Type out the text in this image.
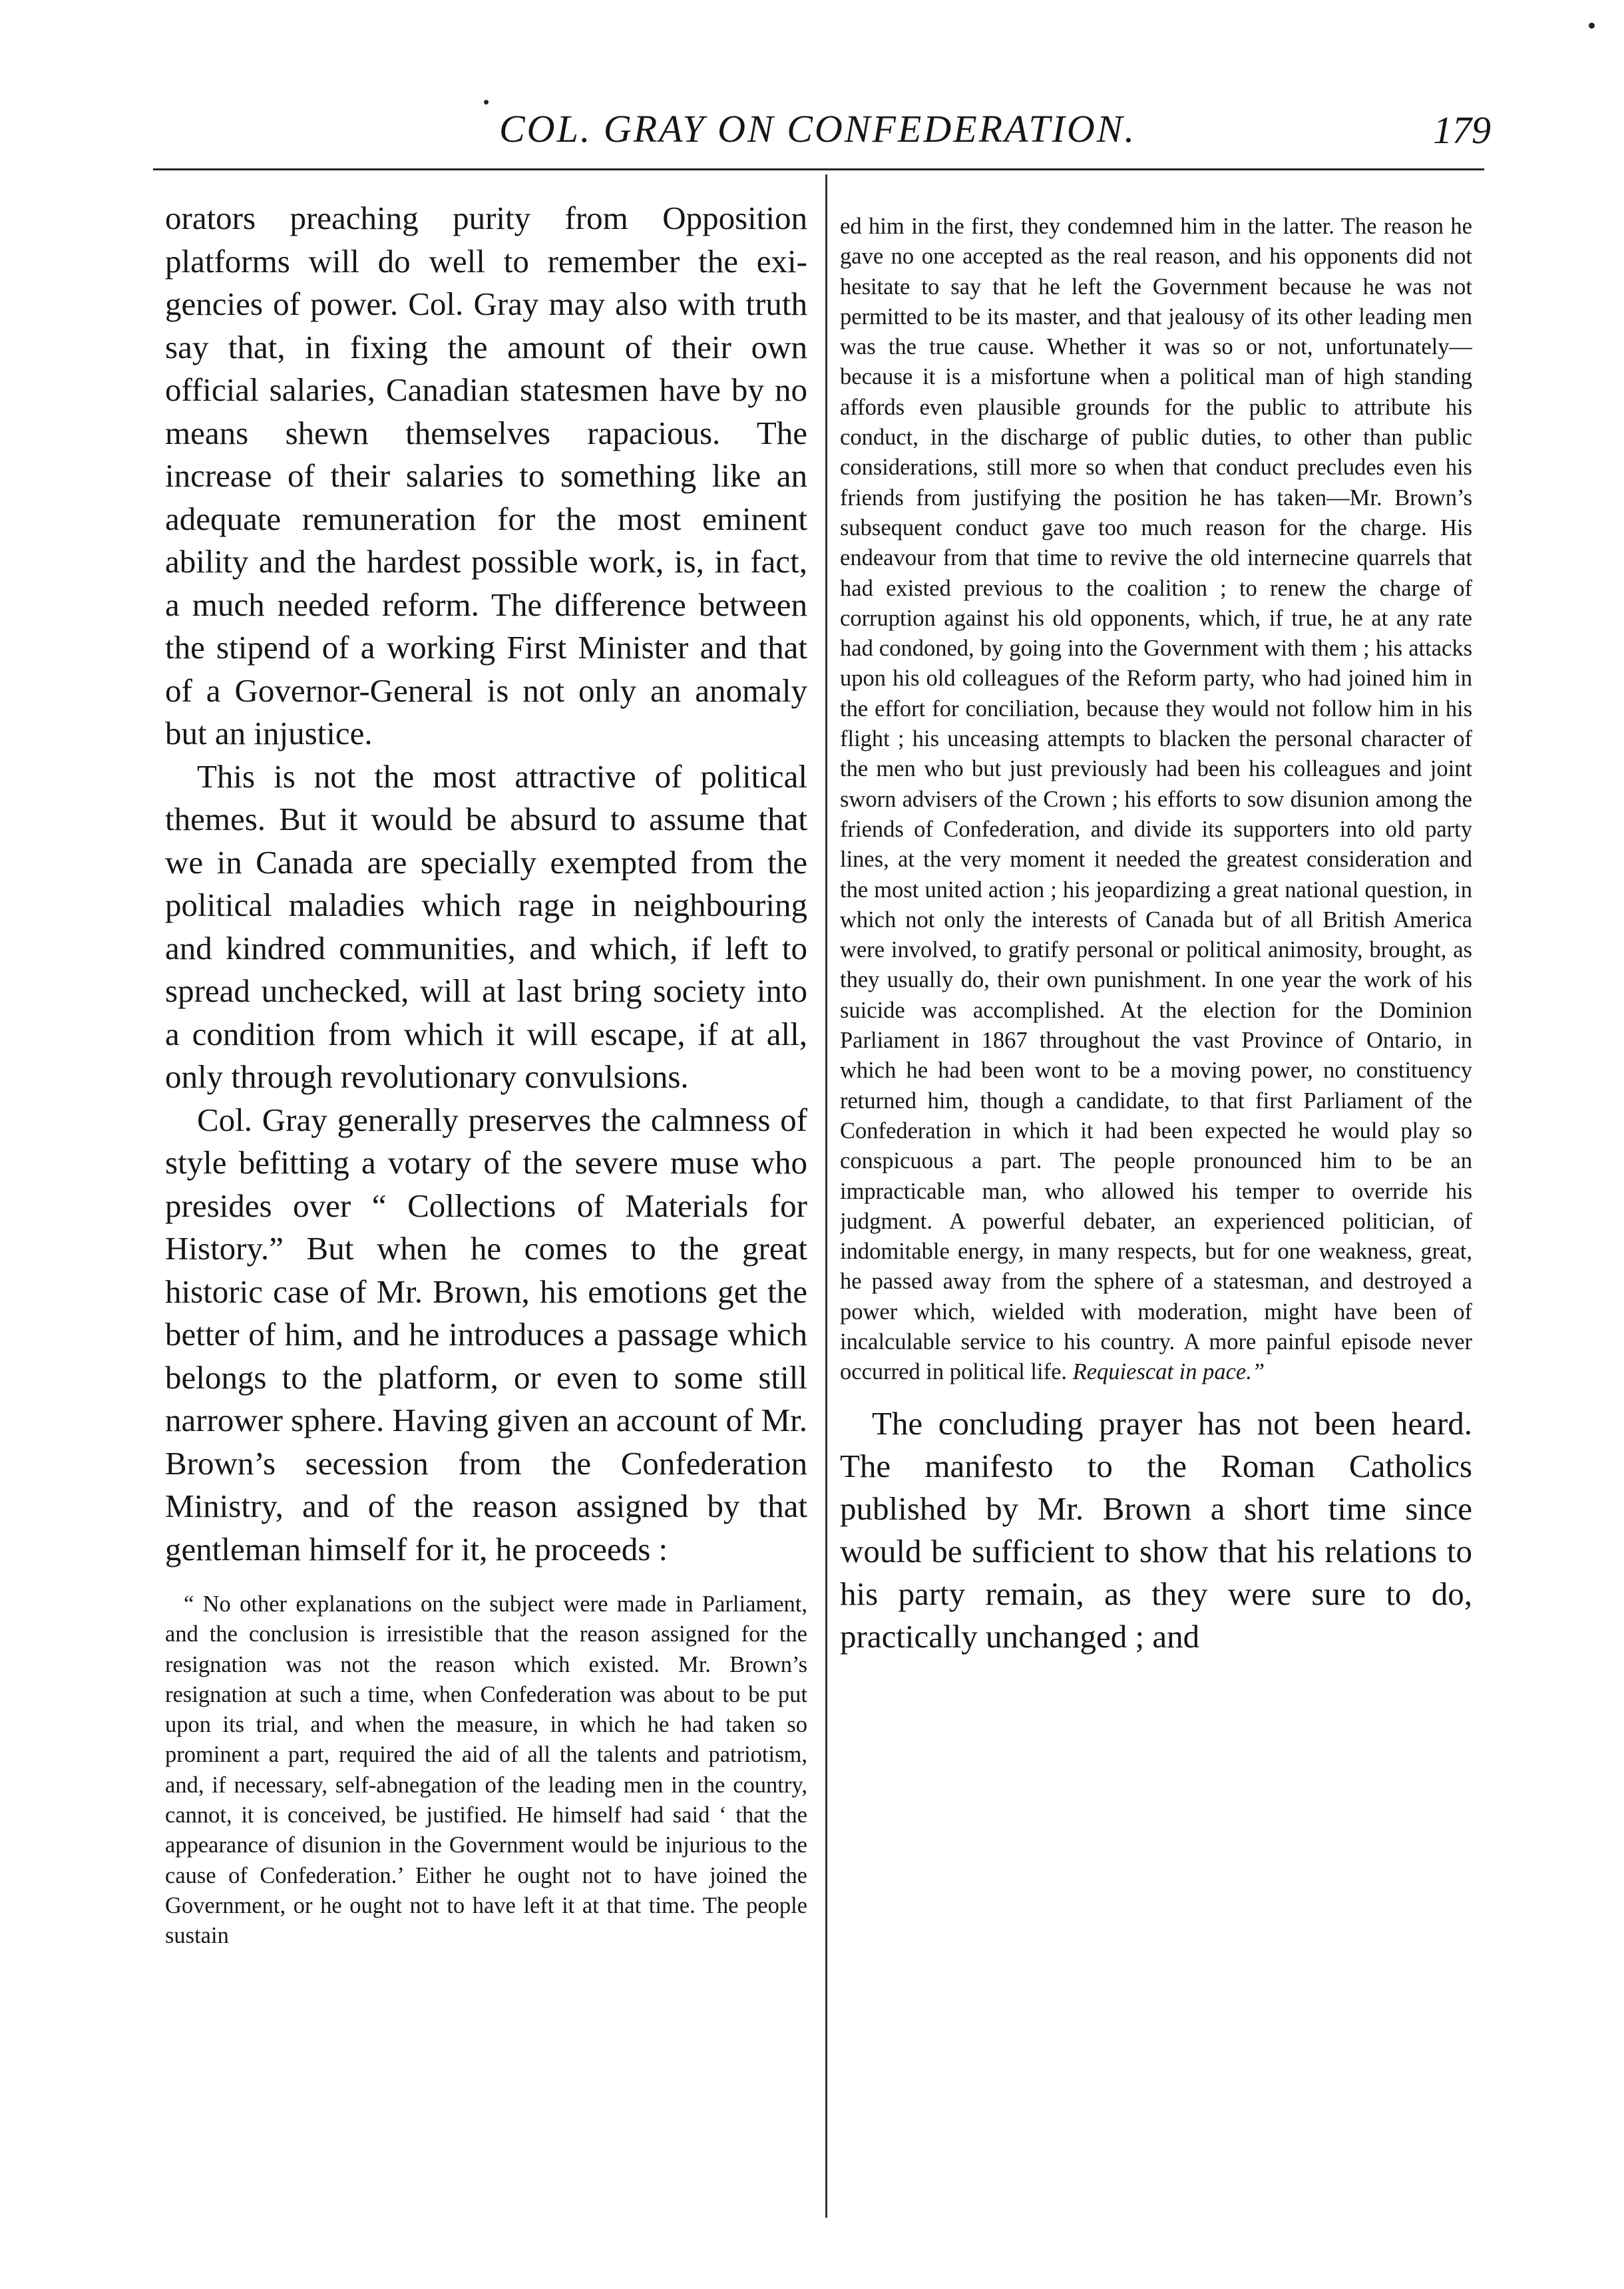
COL. GRAY ON CONFEDERATION.	179

orators preaching purity from Opposition platforms will do well to remember the exigencies of power. Col. Gray may also with truth say that, in fixing the amount of their own official salaries, Canadian statesmen have by no means shewn themselves rapacious. The increase of their salaries to something like an adequate remuneration for the most eminent ability and the hardest possible work, is, in fact, a much needed reform. The difference between the stipend of a working First Minister and that of a Governor-General is not only an anomaly but an injustice.

This is not the most attractive of political themes. But it would be absurd to assume that we in Canada are specially exempted from the political maladies which rage in neighbouring and kindred communities, and which, if left to spread unchecked, will at last bring society into a condition from which it will escape, if at all, only through revolutionary convulsions.

Col. Gray generally preserves the calmness of style befitting a votary of the severe muse who presides over “ Collections of Materials for History.” But when he comes to the great historic case of Mr. Brown, his emotions get the better of him, and he introduces a passage which belongs to the platform, or even to some still narrower sphere. Having given an account of Mr. Brown’s secession from the Confederation Ministry, and of the reason assigned by that gentleman himself for it, he proceeds :

“ No other explanations on the subject were made in Parliament, and the conclusion is irresistible that the reason assigned for the resignation was not the reason which existed. Mr. Brown’s resignation at such a time, when Confederation was about to be put upon its trial, and when the measure, in which he had taken so prominent a part, required the aid of all the talents and patriotism, and, if necessary, self-abnegation of the leading men in the country, cannot, it is conceived, be justified. He himself had said ‘ that the appearance of disunion in the Government would be injurious to the cause of Confederation.’ Either he ought not to have joined the Government, or he ought not to have left it at that time. The people sustain

ed him in the first, they condemned him in the latter. The reason he gave no one accepted as the real reason, and his opponents did not hesitate to say that he left the Government because he was not permitted to be its master, and that jealousy of its other leading men was the true cause. Whether it was so or not, unfortunately—because it is a misfortune when a political man of high standing affords even plausible grounds for the public to attribute his conduct, in the discharge of public duties, to other than public considerations, still more so when that conduct precludes even his friends from justifying the position he has taken—Mr. Brown’s subsequent conduct gave too much reason for the charge. His endeavour from that time to revive the old internecine quarrels that had existed previous to the coalition ; to renew the charge of corruption against his old opponents, which, if true, he at any rate had condoned, by going into the Government with them ; his attacks upon his old colleagues of the Reform party, who had joined him in the effort for conciliation, because they would not follow him in his flight ; his unceasing attempts to blacken the personal character of the men who but just previously had been his colleagues and joint sworn advisers of the Crown ; his efforts to sow disunion among the friends of Confederation, and divide its supporters into old party lines, at the very moment it needed the greatest consideration and the most united action ; his jeopardizing a great national question, in which not only the interests of Canada but of all British America were involved, to gratify personal or political animosity, brought, as they usually do, their own punishment. In one year the work of his suicide was accomplished. At the election for the Dominion Parliament in 1867 throughout the vast Province of Ontario, in which he had been wont to be a moving power, no constituency returned him, though a candidate, to that first Parliament of the Confederation in which it had been expected he would play so conspicuous a part. The people pronounced him to be an impracticable man, who allowed his temper to override his judgment. A powerful debater, an experienced politician, of indomitable energy, in many respects, but for one weakness, great, he passed away from the sphere of a statesman, and destroyed a power which, wielded with moderation, might have been of incalculable service to his country. A more painful episode never occurred in political life. Requiescat in pace.”

The concluding prayer has not been heard. The manifesto to the Roman Catholics published by Mr. Brown a short time since would be sufficient to show that his relations to his party remain, as they were sure to do, practically unchanged ; and
